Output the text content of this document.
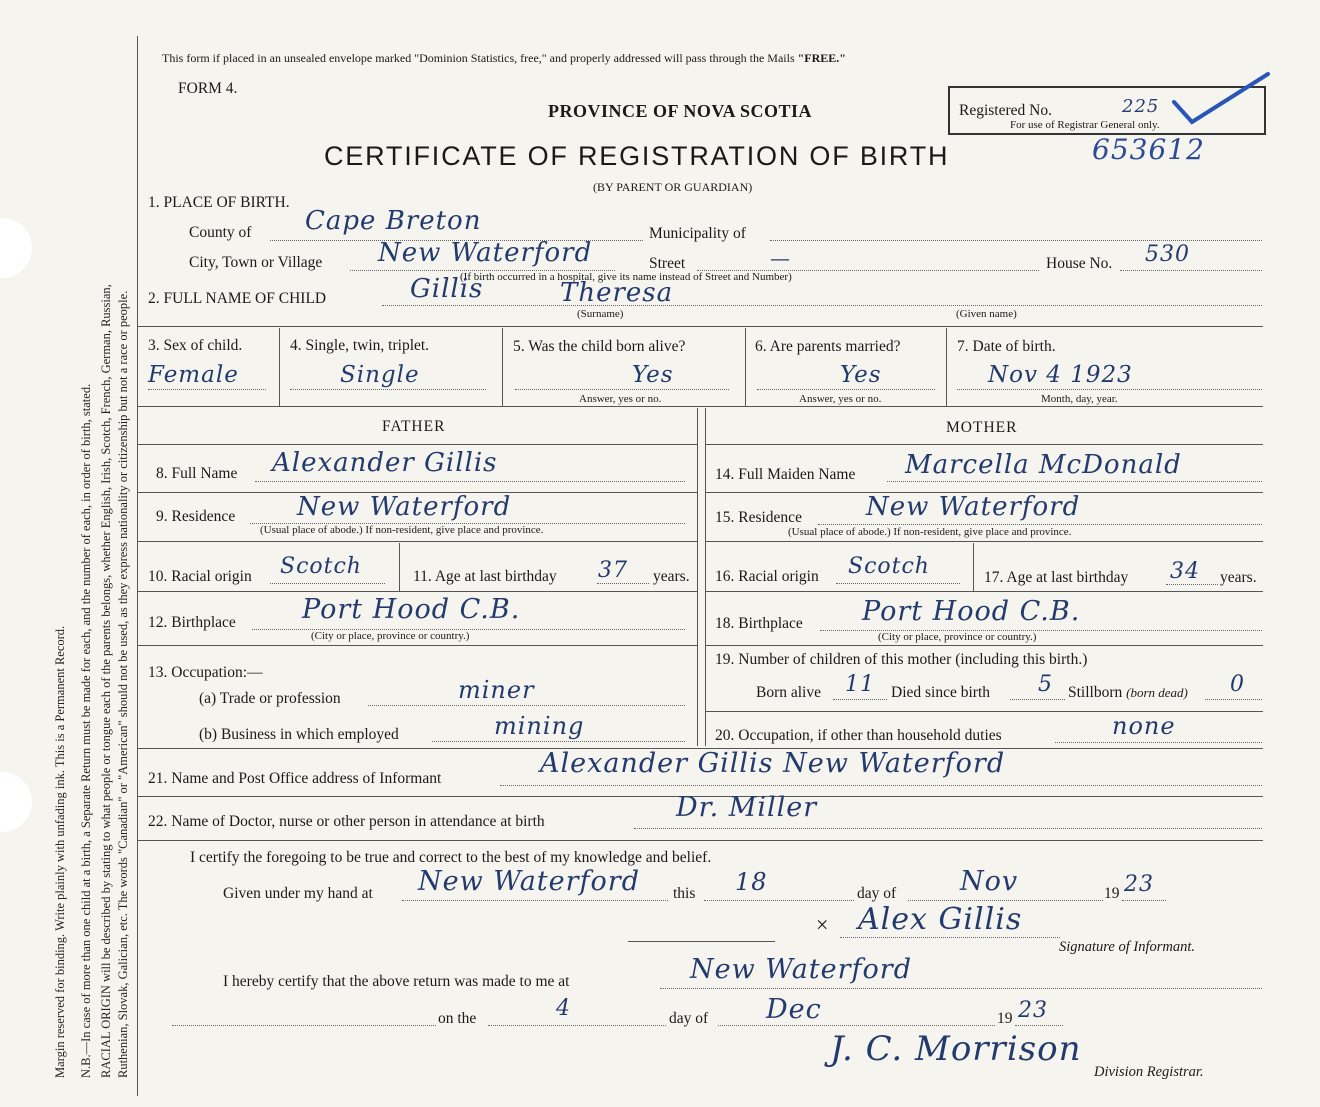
Margin reserved for binding. Write plainly with unfading ink. This is a Permanent Record. N.B.—In case of more than one child at a birth, a Separate Return must be made for each, and the number of each, in order of birth, stated. RACIAL ORIGIN will be described by stating to what people or tongue each of the parents belongs, whether English, Irish, Scotch, French, German, Russian, Ruthenian, Slovak, Galician, etc. The words "Canadian" or "American" should not be used, as they express nationality or citizenship but not a race or people.
This form if placed in an unsealed envelope marked "Dominion Statistics, free," and properly addressed will pass through the Mails "FREE."
FORM 4.
PROVINCE OF NOVA SCOTIA
CERTIFICATE OF REGISTRATION OF BIRTH
(BY PARENT OR GUARDIAN)
Registered No.
For use of Registrar General only.
225
653612
1. PLACE OF BIRTH.
County of Cape Breton	Municipality of
City, Town or Village New Waterford	Street	—	House No. 530
(If birth occurred in a hospital, give its name instead of Street and Number)
2. FULL NAME OF CHILD	Gillis	Theresa
(Surname)	(Given name)
3. Sex of child.
Female
4. Single, twin, triplet.
Single
5. Was the child born alive?
Yes
Answer, yes or no.
6. Are parents married?
Yes
Answer, yes or no.
7. Date of birth.
Nov 4 1923
Month, day, year.
FATHER	MOTHER
8. Full Name Alexander Gillis	14. Full Maiden Name Marcella McDonald
9. Residence New Waterford
(Usual place of abode.) If non-resident, give place and province.
15. Residence New Waterford
(Usual place of abode.) If non-resident, give place and province.
10. Racial origin Scotch	11. Age at last birthday 37 years. 16. Racial origin Scotch	17. Age at last birthday 34 years.
12. Birthplace Port Hood C.B.
(City or place, province or country.)
18. Birthplace Port Hood C.B.
(City or place, province or country.)
13. Occupation:—
(a) Trade or profession	miner
(b) Business in which employed	mining
19. Number of children of this mother (including this birth.)
Born alive 11 Died since birth 5 Stillborn (born dead) 0
20. Occupation, if other than household duties	none
21. Name and Post Office address of Informant	Alexander Gillis New Waterford
22. Name of Doctor, nurse or other person in attendance at birth	Dr. Miller
I certify the foregoing to be true and correct to the best of my knowledge and belief.
Given under my hand at New Waterford this 18	day of Nov	19 23
× Alex Gillis
Signature of Informant.
I hereby certify that the above return was made to me at	New Waterford
on the	4	day of Dec	19 23
J. C. Morrison
Division Registrar.
